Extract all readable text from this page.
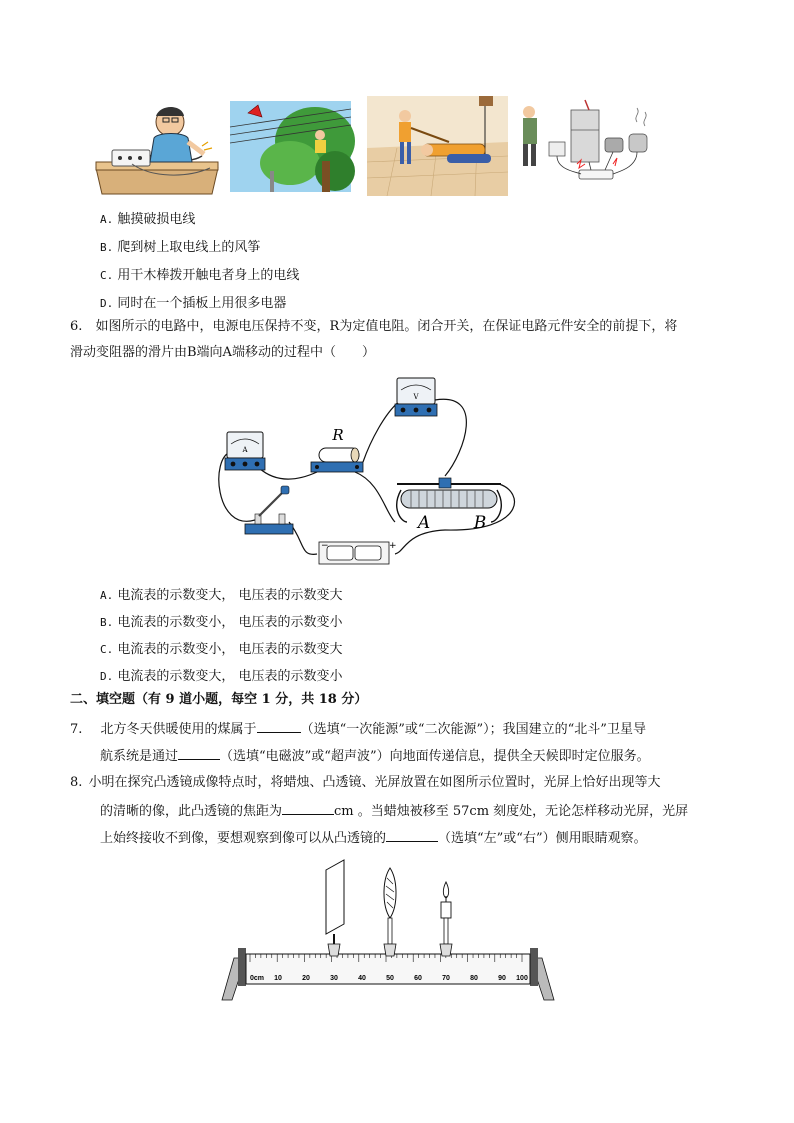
A. 触摸破损电线
B. 爬到树上取电线上的风筝
C. 用干木棒拨开触电者身上的电线
D. 同时在一个插板上用很多电器
6. 如图所示的电路中，电源电压保持不变，R为定值电阻。闭合开关，在保证电路元件安全的前提下，将
滑动变阻器的滑片由B端向A端移动的过程中（　　）
A
R
V
A	B
−	+
A. 电流表的示数变大， 电压表的示数变大
B. 电流表的示数变小， 电压表的示数变小
C. 电流表的示数变小， 电压表的示数变大
D. 电流表的示数变大， 电压表的示数变小
二、填空题（有 9 道小题，每空 1 分，共 18 分）
7. 北方冬天供暖使用的煤属于	（选填“一次能源”或“二次能源”）；我国建立的“北斗”卫星导
航系统是通过	（选填“电磁波”或“超声波”）向地面传递信息，提供全天候即时定位服务。
8. 小明在探究凸透镜成像特点时，将蜡烛、凸透镜、光屏放置在如图所示位置时，光屏上恰好出现等大
的清晰的像，此凸透镜的焦距为	cm 。当蜡烛被移至 57cm 刻度处，无论怎样移动光屏，光屏
上始终接收不到像，要想观察到像可以从凸透镜的	（选填“左”或“右”）侧用眼睛观察。
0cm 10	20	30	40	50	60	70	80	90 100
